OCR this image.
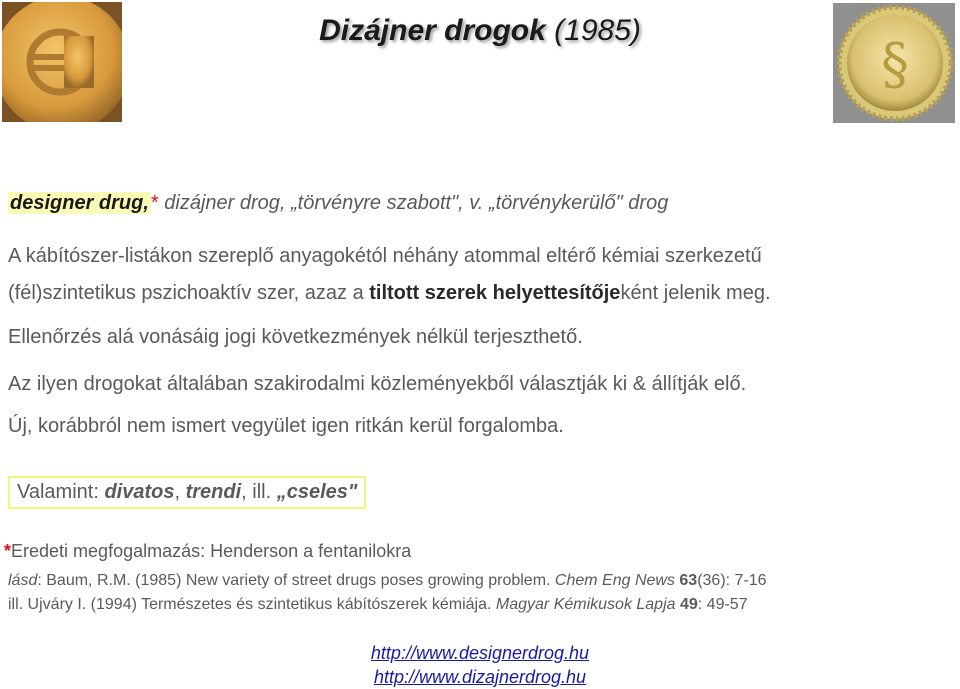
Dizájner drogok (1985)
§
designer drug, * dizájner drog, „törvényre szabott", v. „törvénykerülő" drog
A kábítószer-listákon szereplő anyagokétól néhány atommal eltérő kémiai szerkezetű
(fél)szintetikus pszichoaktív szer, azaz a tiltott szerek helyettesítőjeként jelenik meg.
Ellenőrzés alá vonásáig jogi következmények nélkül terjeszthető.
Az ilyen drogokat általában szakirodalmi közleményekből választják ki & állítják elő.
Új, korábbról nem ismert vegyület igen ritkán kerül forgalomba.
Valamint: divatos, trendi, ill. „cseles"
*Eredeti megfogalmazás: Henderson a fentanilokra
lásd: Baum, R.M. (1985) New variety of street drugs poses growing problem. Chem Eng News 63(36): 7-16
ill. Ujváry I. (1994) Természetes és szintetikus kábítószerek kémiája. Magyar Kémikusok Lapja 49: 49-57
http://www.designerdrog.hu
http://www.dizajnerdrog.hu
